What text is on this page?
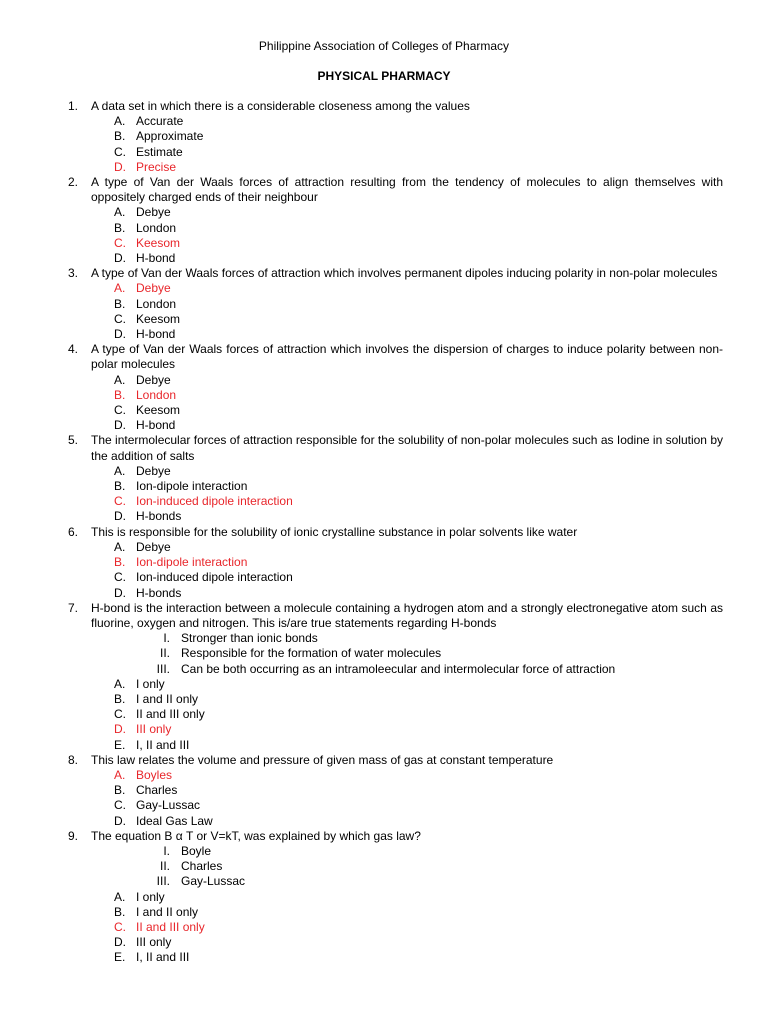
Philippine Association of Colleges of Pharmacy
PHYSICAL PHARMACY
1. A data set in which there is a considerable closeness among the values
A. Accurate
B. Approximate
C. Estimate
D. Precise
2. A type of Van der Waals forces of attraction resulting from the tendency of molecules to align themselves with oppositely charged ends of their neighbour
A. Debye
B. London
C. Keesom
D. H-bond
3. A type of Van der Waals forces of attraction which involves permanent dipoles inducing polarity in non-polar molecules
A. Debye
B. London
C. Keesom
D. H-bond
4. A type of Van der Waals forces of attraction which involves the dispersion of charges to induce polarity between non-polar molecules
A. Debye
B. London
C. Keesom
D. H-bond
5. The intermolecular forces of attraction responsible for the solubility of non-polar molecules such as Iodine in solution by the addition of salts
A. Debye
B. Ion-dipole interaction
C. Ion-induced dipole interaction
D. H-bonds
6. This is responsible for the solubility of ionic crystalline substance in polar solvents like water
A. Debye
B. Ion-dipole interaction
C. Ion-induced dipole interaction
D. H-bonds
7. H-bond is the interaction between a molecule containing a hydrogen atom and a strongly electronegative atom such as fluorine, oxygen and nitrogen. This is/are true statements regarding H-bonds
I. Stronger than ionic bonds
II. Responsible for the formation of water molecules
III. Can be both occurring as an intramoleecular and intermolecular force of attraction
A. I only
B. I and II only
C. II and III only
D. III only
E. I, II and III
8. This law relates the volume and pressure of given mass of gas at constant temperature
A. Boyles
B. Charles
C. Gay-Lussac
D. Ideal Gas Law
9. The equation B α T or V=kT, was explained by which gas law?
I. Boyle
II. Charles
III. Gay-Lussac
A. I only
B. I and II only
C. II and III only
D. III only
E. I, II and III
